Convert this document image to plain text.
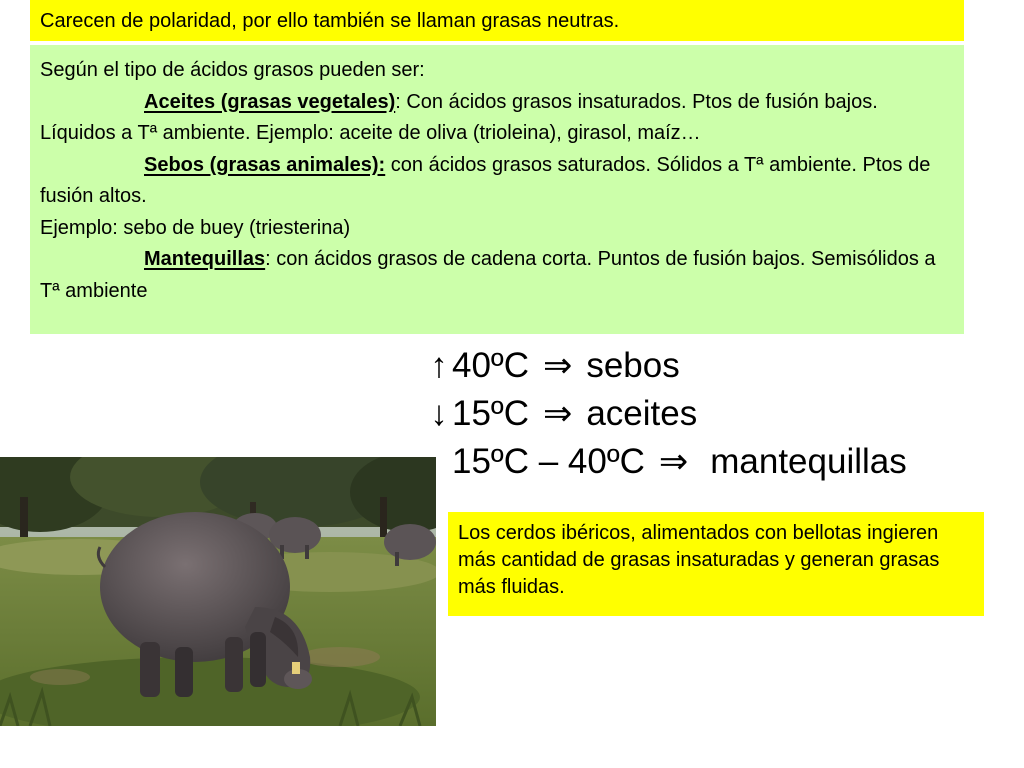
Carecen de polaridad, por ello también se llaman grasas neutras.

Según el tipo de ácidos grasos pueden ser:

Aceites (grasas vegetales): Con ácidos grasos insaturados. Ptos de fusión bajos. Líquidos a Tª ambiente. Ejemplo: aceite de oliva (trioleina), girasol, maíz…

Sebos (grasas animales): con ácidos grasos saturados. Sólidos a Tª ambiente. Ptos de fusión altos.

Ejemplo: sebo de buey (triesterina)

Mantequillas: con ácidos grasos de cadena corta. Puntos de fusión bajos. Semisólidos a Tª ambiente

↑ 40ºC ⇒ sebos
↓ 15ºC ⇒ aceites
15ºC – 40ºC ⇒ mantequillas
Los cerdos ibéricos, alimentados con bellotas ingieren más cantidad de grasas insaturadas y generan grasas más fluidas.
